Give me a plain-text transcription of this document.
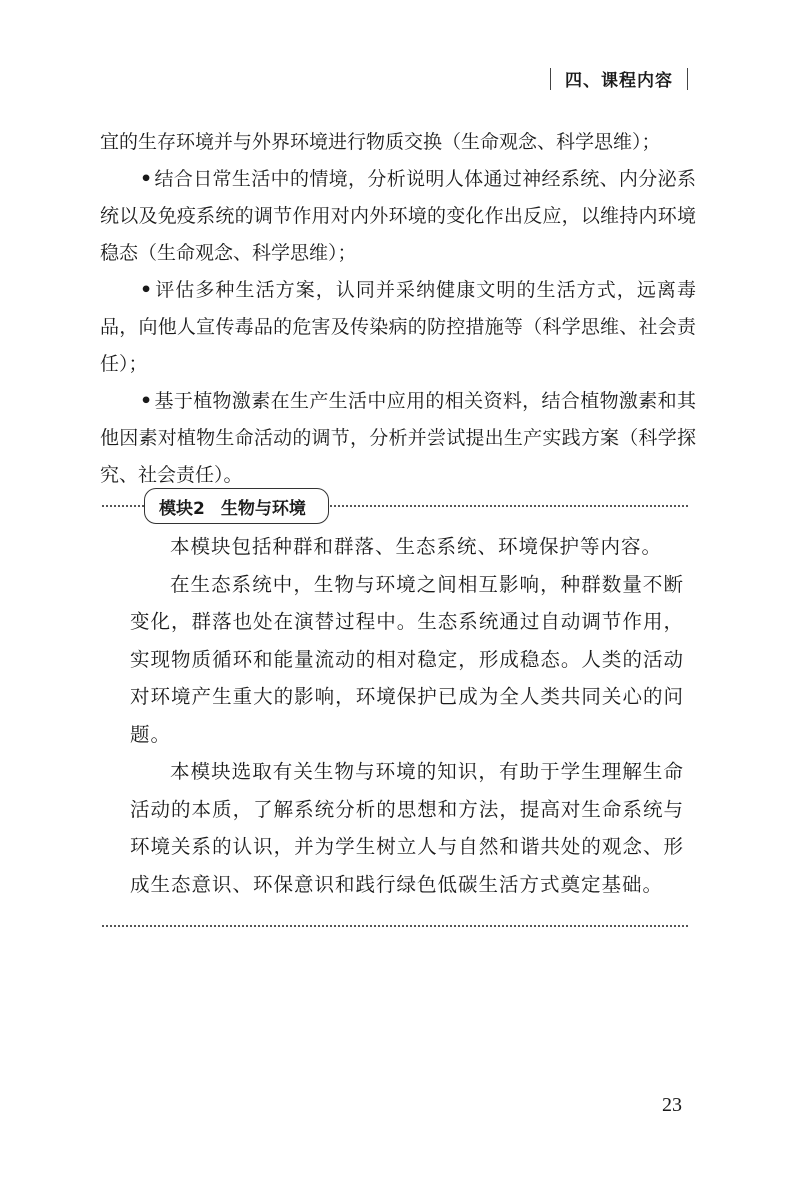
四、课程内容

宜的生存环境并与外界环境进行物质交换（生命观念、科学思维）；

• 结合日常生活中的情境，分析说明人体通过神经系统、内分泌系统以及免疫系统的调节作用对内外环境的变化作出反应，以维持内环境稳态（生命观念、科学思维）；

• 评估多种生活方案，认同并采纳健康文明的生活方式，远离毒品，向他人宣传毒品的危害及传染病的防控措施等（科学思维、社会责任）；

• 基于植物激素在生产生活中应用的相关资料，结合植物激素和其他因素对植物生命活动的调节，分析并尝试提出生产实践方案（科学探究、社会责任）。

模块2 生物与环境

本模块包括种群和群落、生态系统、环境保护等内容。

在生态系统中，生物与环境之间相互影响，种群数量不断变化，群落也处在演替过程中。生态系统通过自动调节作用，实现物质循环和能量流动的相对稳定，形成稳态。人类的活动对环境产生重大的影响，环境保护已成为全人类共同关心的问题。

本模块选取有关生物与环境的知识，有助于学生理解生命活动的本质，了解系统分析的思想和方法，提高对生命系统与环境关系的认识，并为学生树立人与自然和谐共处的观念、形成生态意识、环保意识和践行绿色低碳生活方式奠定基础。

23
